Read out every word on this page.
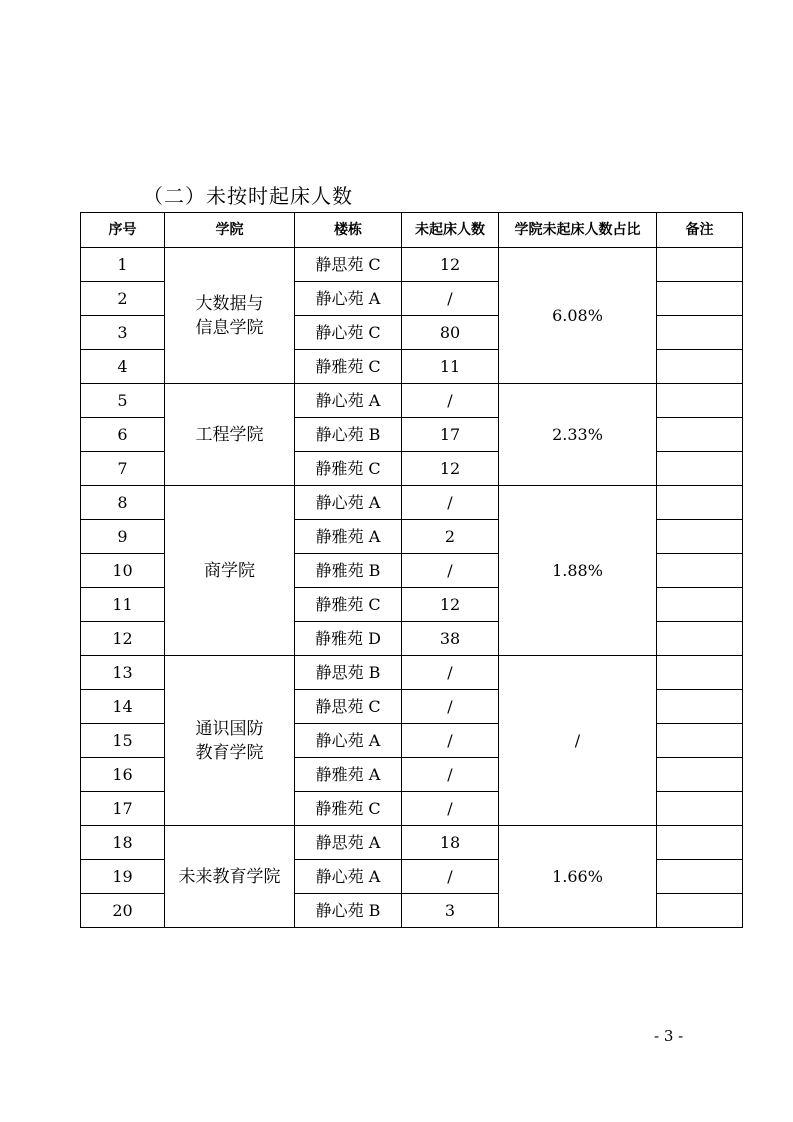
（二）未按时起床人数
序号	学院	楼栋	未起床人数	学院未起床人数占比	备注
1	大数据与
信息学院	静思苑 C	12	6.08%	
2		静心苑 A	/		
3		静心苑 C	80		
4		静雅苑 C	11		
5	工程学院	静心苑 A	/	2.33%	
6		静心苑 B	17		
7		静雅苑 C	12		
8	商学院	静心苑 A	/	1.88%	
9		静雅苑 A	2		
10		静雅苑 B	/		
11		静雅苑 C	12		
12		静雅苑 D	38		
13	通识国防
教育学院	静思苑 B	/	/	
14		静思苑 C	/		
15		静心苑 A	/		
16		静雅苑 A	/		
17		静雅苑 C	/		
18	未来教育学院	静思苑 A	18	1.66%	
19		静心苑 A	/		
20		静心苑 B	3		
- 3 -
